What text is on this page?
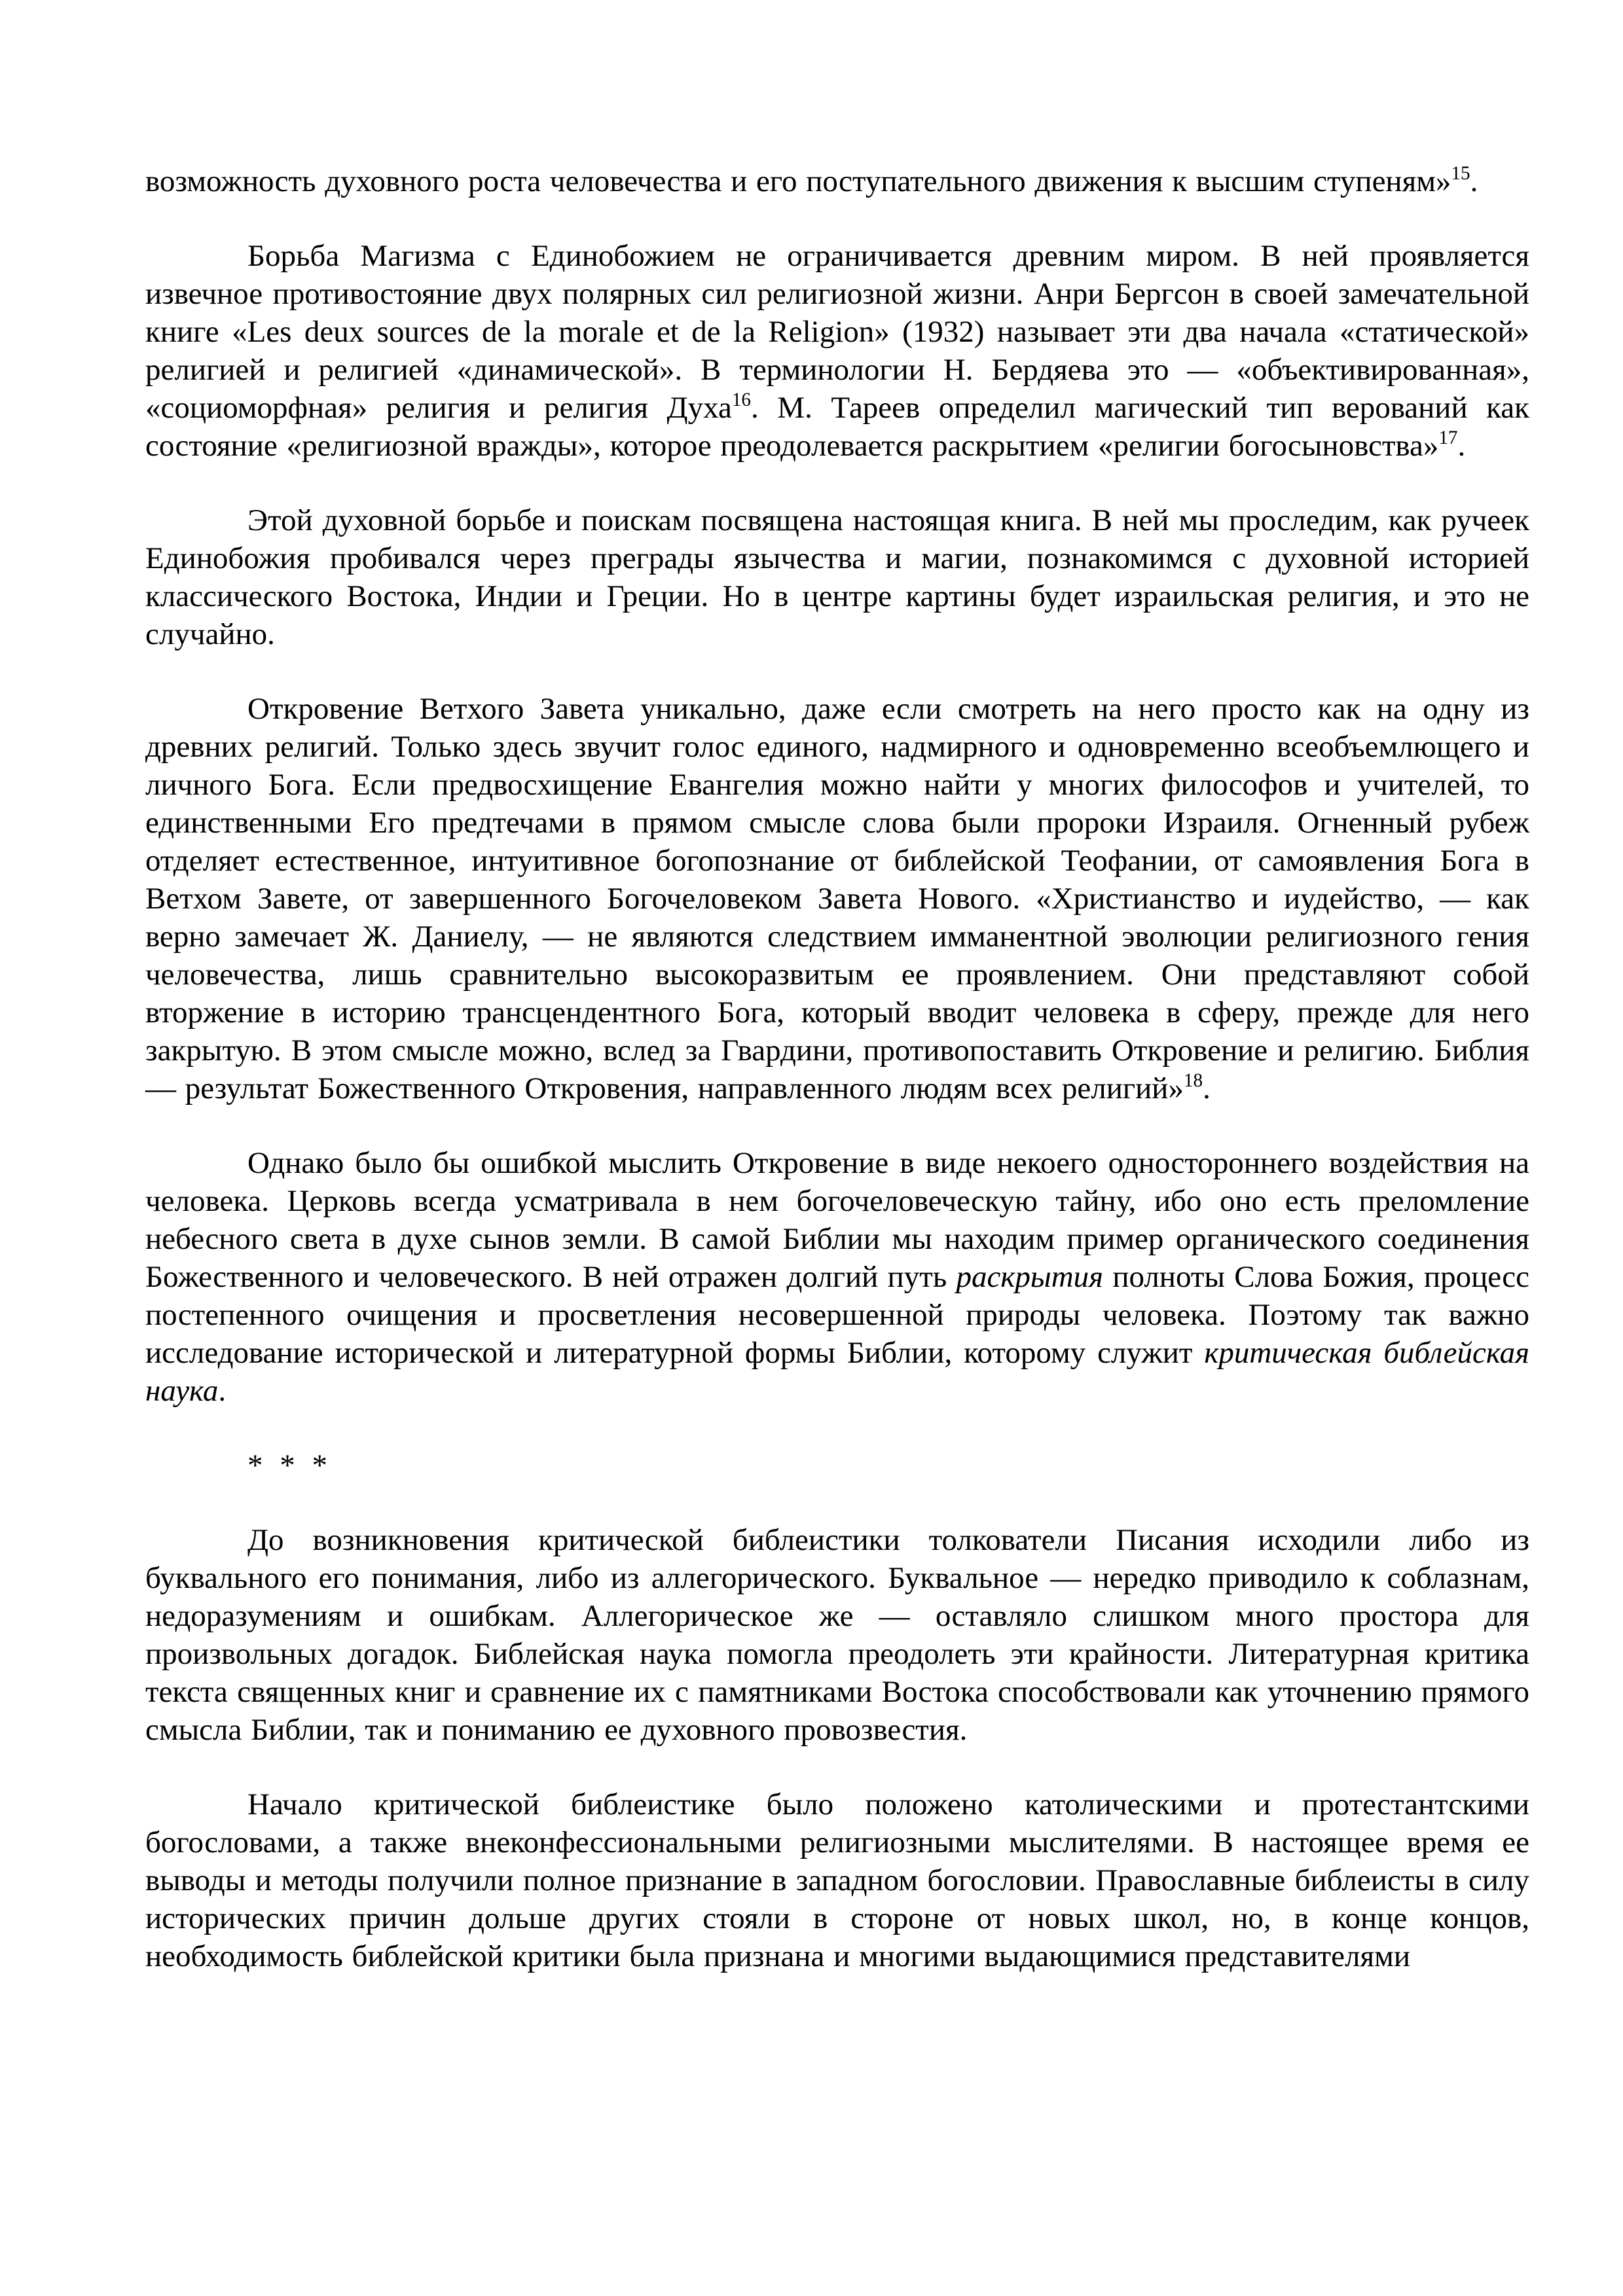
возможность духовного роста человечества и его поступательного движения к высшим ступеням»$^{15}$.

Борьба Магизма с Единобожием не ограничивается древним миром. В ней проявляется извечное противостояние двух полярных сил религиозной жизни. Анри Бергсон в своей замечательной книге «Les deux sources de la morale et de la Religion» (1932) называет эти два начала «статической» религией и религией «динамической». В терминологии Н. Бердяева это — «объективированная», «социоморфная» религия и религия Духа$^{16}$. М. Тареев определил магический тип верований как состояние «религиозной вражды», которое преодолевается раскрытием «религии богосыновства»$^{17}$.

Этой духовной борьбе и поискам посвящена настоящая книга. В ней мы проследим, как ручеек Единобожия пробивался через преграды язычества и магии, познакомимся с духовной историей классического Востока, Индии и Греции. Но в центре картины будет израильская религия, и это не случайно.

Откровение Ветхого Завета уникально, даже если смотреть на него просто как на одну из древних религий. Только здесь звучит голос единого, надмирного и одновременно всеобъемлющего и личного Бога. Если предвосхищение Евангелия можно найти у многих философов и учителей, то единственными Его предтечами в прямом смысле слова были пророки Израиля. Огненный рубеж отделяет естественное, интуитивное богопознание от библейской Теофании, от самоявления Бога в Ветхом Завете, от завершенного Богочеловеком Завета Нового. «Христианство и иудейство, — как верно замечает Ж. Даниелу, — не являются следствием имманентной эволюции религиозного гения человечества, лишь сравнительно высокоразвитым ее проявлением. Они представляют собой вторжение в историю трансцендентного Бога, который вводит человека в сферу, прежде для него закрытую. В этом смысле можно, вслед за Гвардини, противопоставить Откровение и религию. Библия — результат Божественного Откровения, направленного людям всех религий»$^{18}$.

Однако было бы ошибкой мыслить Откровение в виде некоего одностороннего воздействия на человека. Церковь всегда усматривала в нем богочеловеческую тайну, ибо оно есть преломление небесного света в духе сынов земли. В самой Библии мы находим пример органического соединения Божественного и человеческого. В ней отражен долгий путь раскрытия полноты Слова Божия, процесс постепенного очищения и просветления несовершенной природы человека. Поэтому так важно исследование исторической и литературной формы Библии, которому служит критическая библейская наука.

* * *

До возникновения критической библеистики толкователи Писания исходили либо из буквального его понимания, либо из аллегорического. Буквальное — нередко приводило к соблазнам, недоразумениям и ошибкам. Аллегорическое же — оставляло слишком много простора для произвольных догадок. Библейская наука помогла преодолеть эти крайности. Литературная критика текста священных книг и сравнение их с памятниками Востока способствовали как уточнению прямого смысла Библии, так и пониманию ее духовного провозвестия.

Начало критической библеистике было положено католическими и протестантскими богословами, а также внеконфессиональными религиозными мыслителями. В настоящее время ее выводы и методы получили полное признание в западном богословии. Православные библеисты в силу исторических причин дольше других стояли в стороне от новых школ, но, в конце концов, необходимость библейской критики была признана и многими выдающимися представителями
